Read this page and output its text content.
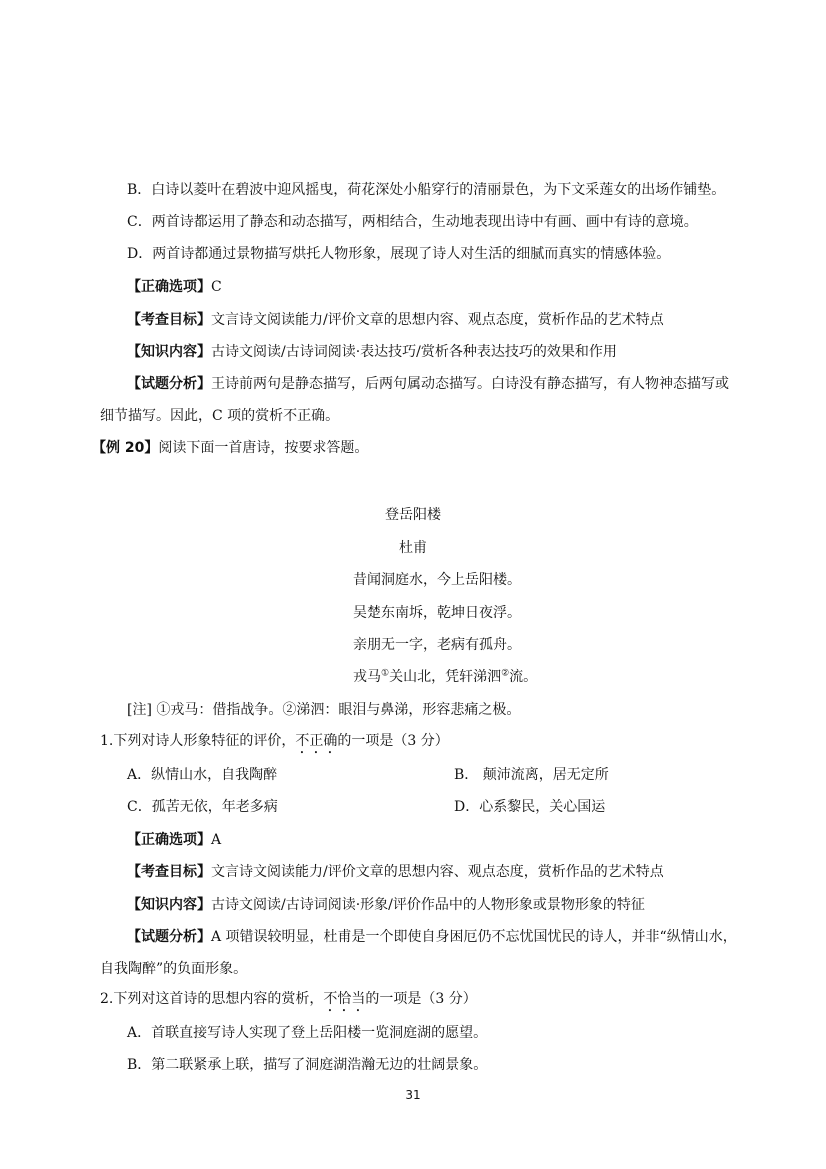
B．白诗以菱叶在碧波中迎风摇曳，荷花深处小船穿行的清丽景色，为下文采莲女的出场作铺垫。
C．两首诗都运用了静态和动态描写，两相结合，生动地表现出诗中有画、画中有诗的意境。
D．两首诗都通过景物描写烘托人物形象，展现了诗人对生活的细腻而真实的情感体验。
【正确选项】C
【考查目标】文言诗文阅读能力/评价文章的思想内容、观点态度，赏析作品的艺术特点
【知识内容】古诗文阅读/古诗词阅读·表达技巧/赏析各种表达技巧的效果和作用
【试题分析】王诗前两句是静态描写，后两句属动态描写。白诗没有静态描写，有人物神态描写或
细节描写。因此，C 项的赏析不正确。
【例 20】阅读下面一首唐诗，按要求答题。
登岳阳楼
杜甫
昔闻洞庭水，今上岳阳楼。
吴楚东南坼，乾坤日夜浮。
亲朋无一字，老病有孤舟。
戎马①关山北，凭轩涕泗②流。
[注] ①戎马：借指战争。②涕泗：眼泪与鼻涕，形容悲痛之极。
1.下列对诗人形象特征的评价，不正确的一项是（3 分）
A．纵情山水，自我陶醉	B． 颠沛流离，居无定所
C．孤苦无依，年老多病	D．心系黎民，关心国运
【正确选项】A
【考查目标】文言诗文阅读能力/评价文章的思想内容、观点态度，赏析作品的艺术特点
【知识内容】古诗文阅读/古诗词阅读·形象/评价作品中的人物形象或景物形象的特征
【试题分析】A 项错误较明显，杜甫是一个即使自身困厄仍不忘忧国忧民的诗人，并非“纵情山水，
自我陶醉”的负面形象。
2.下列对这首诗的思想内容的赏析，不恰当的一项是（3 分）
A．首联直接写诗人实现了登上岳阳楼一览洞庭湖的愿望。
B．第二联紧承上联，描写了洞庭湖浩瀚无边的壮阔景象。
31
